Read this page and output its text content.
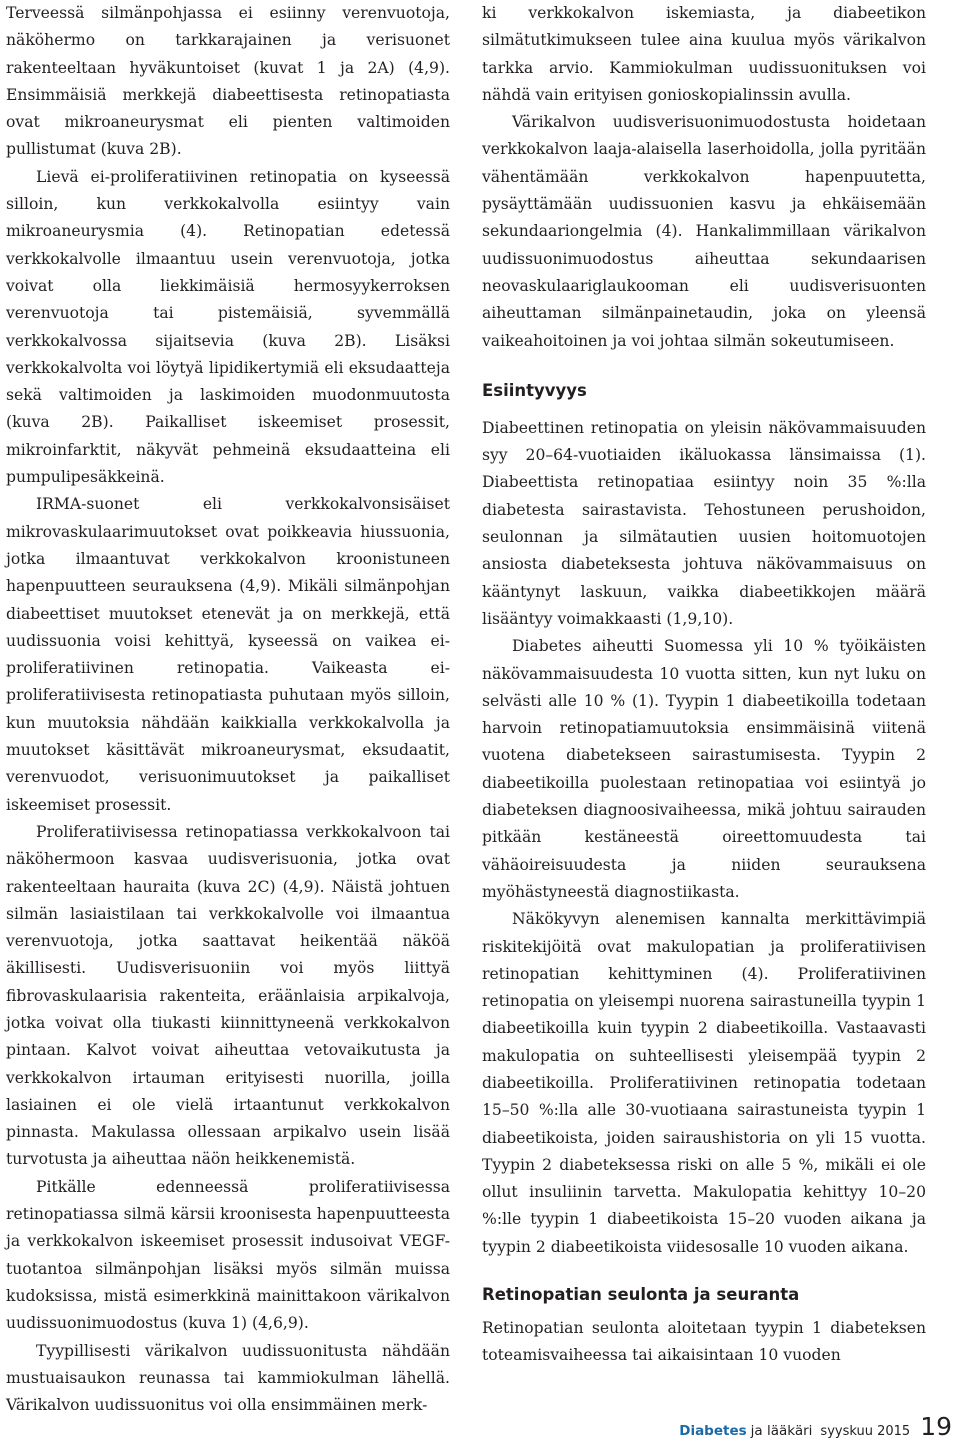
Terveessä silmänpohjassa ei esiinny verenvuotoja, näköhermo on tarkkarajainen ja verisuonet rakenteeltaan hyväkuntoiset (kuvat 1 ja 2A) (4,9). Ensimmäisiä merkkejä diabeettisesta retinopatiasta ovat mikroaneurysmat eli pienten valtimoiden pullistumat (kuva 2B).

Lievä ei-proliferatiivinen retinopatia on kyseessä silloin, kun verkkokalvolla esiintyy vain mikroaneurysmia (4). Retinopatian edetessä verkkokalvolle ilmaantuu usein verenvuotoja, jotka voivat olla liekkimäisiä hermosyykerroksen verenvuotoja tai pistemäisiä, syvemmällä verkkokalvossa sijaitsevia (kuva 2B). Lisäksi verkkokalvolta voi löytyä lipidikertymiä eli eksudaatteja sekä valtimoiden ja laskimoiden muodonmuutosta (kuva 2B). Paikalliset iskeemiset prosessit, mikroinfarktit, näkyvät pehmeinä eksudaatteina eli pumpulipesäkkeinä.

IRMA-suonet eli verkkokalvonsisäiset mikrovaskulaarimuutokset ovat poikkeavia hiussuonia, jotka ilmaantuvat verkkokalvon kroonistuneen hapenpuutteen seurauksena (4,9). Mikäli silmänpohjan diabeettiset muutokset etenevät ja on merkkejä, että uudissuonia voisi kehittyä, kyseessä on vaikea ei-proliferatiivinen retinopatia. Vaikeasta ei-proliferatiivisesta retinopatiasta puhutaan myös silloin, kun muutoksia nähdään kaikkialla verkkokalvolla ja muutokset käsittävät mikroaneurysmat, eksudaatit, verenvuodot, verisuonimuutokset ja paikalliset iskeemiset prosessit.

Proliferatiivisessa retinopatiassa verkkokalvoon tai näköhermoon kasvaa uudisverisuonia, jotka ovat rakenteeltaan hauraita (kuva 2C) (4,9). Näistä johtuen silmän lasiaistilaan tai verkkokalvolle voi ilmaantua verenvuotoja, jotka saattavat heikentää näköä äkillisesti. Uudisverisuoniin voi myös liittyä fibrovaskulaarisia rakenteita, eräänlaisia arpikalvoja, jotka voivat olla tiukasti kiinnittyneenä verkkokalvon pintaan. Kalvot voivat aiheuttaa vetovaikutusta ja verkkokalvon irtauman erityisesti nuorilla, joilla lasiainen ei ole vielä irtaantunut verkkokalvon pinnasta. Makulassa ollessaan arpikalvo usein lisää turvotusta ja aiheuttaa näön heikkenemistä.

Pitkälle edenneessä proliferatiivisessa retinopatiassa silmä kärsii kroonisesta hapenpuutteesta ja verkkokalvon iskeemiset prosessit indusoivat VEGF-tuotantoa silmänpohjan lisäksi myös silmän muissa kudoksissa, mistä esimerkkinä mainittakoon värikalvon uudissuonimuodostus (kuva 1) (4,6,9).

Tyypillisesti värikalvon uudissuonitusta nähdään mustuaisaukon reunassa tai kammiokulman lähellä. Värikalvon uudissuonitus voi olla ensimmäinen merk-

ki verkkokalvon iskemiasta, ja diabeetikon silmätutkimukseen tulee aina kuulua myös värikalvon tarkka arvio. Kammiokulman uudissuonituksen voi nähdä vain erityisen gonioskopialinssin avulla.

Värikalvon uudisverisuonimuodostusta hoidetaan verkkokalvon laaja-alaisella laserhoidolla, jolla pyritään vähentämään verkkokalvon hapenpuutetta, pysäyttämään uudissuonien kasvu ja ehkäisemään sekundaariongelmia (4). Hankalimmillaan värikalvon uudissuonimuodostus aiheuttaa sekundaarisen neovaskulaariglaukooman eli uudisverisuonten aiheuttaman silmänpainetaudin, joka on yleensä vaikeahoitoinen ja voi johtaa silmän sokeutumiseen.

Esiintyvyys

Diabeettinen retinopatia on yleisin näkövammaisuuden syy 20–64-vuotiaiden ikäluokassa länsimaissa (1). Diabeettista retinopatiaa esiintyy noin 35 %:lla diabetesta sairastavista. Tehostuneen perushoidon, seulonnan ja silmätautien uusien hoitomuotojen ansiosta diabeteksesta johtuva näkövammaisuus on kääntynyt laskuun, vaikka diabeetikkojen määrä lisääntyy voimakkaasti (1,9,10).

Diabetes aiheutti Suomessa yli 10 % työikäisten näkövammaisuudesta 10 vuotta sitten, kun nyt luku on selvästi alle 10 % (1). Tyypin 1 diabeetikoilla todetaan harvoin retinopatiamuutoksia ensimmäisinä viitenä vuotena diabetekseen sairastumisesta. Tyypin 2 diabeetikoilla puolestaan retinopatiaa voi esiintyä jo diabeteksen diagnoosivaiheessa, mikä johtuu sairauden pitkään kestäneestä oireettomuudesta tai vähäoireisuudesta ja niiden seurauksena myöhästyneestä diagnostiikasta.

Näkökyvyn alenemisen kannalta merkittävimpiä riskitekijöitä ovat makulopatian ja proliferatiivisen retinopatian kehittyminen (4). Proliferatiivinen retinopatia on yleisempi nuorena sairastuneilla tyypin 1 diabeetikoilla kuin tyypin 2 diabeetikoilla. Vastaavasti makulopatia on suhteellisesti yleisempää tyypin 2 diabeetikoilla. Proliferatiivinen retinopatia todetaan 15–50 %:lla alle 30-vuotiaana sairastuneista tyypin 1 diabeetikoista, joiden sairaushistoria on yli 15 vuotta. Tyypin 2 diabeteksessa riski on alle 5 %, mikäli ei ole ollut insuliinin tarvetta. Makulopatia kehittyy 10–20 %:lle tyypin 1 diabeetikoista 15–20 vuoden aikana ja tyypin 2 diabeetikoista viidesosalle 10 vuoden aikana.

Retinopatian seulonta ja seuranta

Retinopatian seulonta aloitetaan tyypin 1 diabeteksen toteamisvaiheessa tai aikaisintaan 10 vuoden

Diabetes ja lääkäri syyskuu 2015 19
